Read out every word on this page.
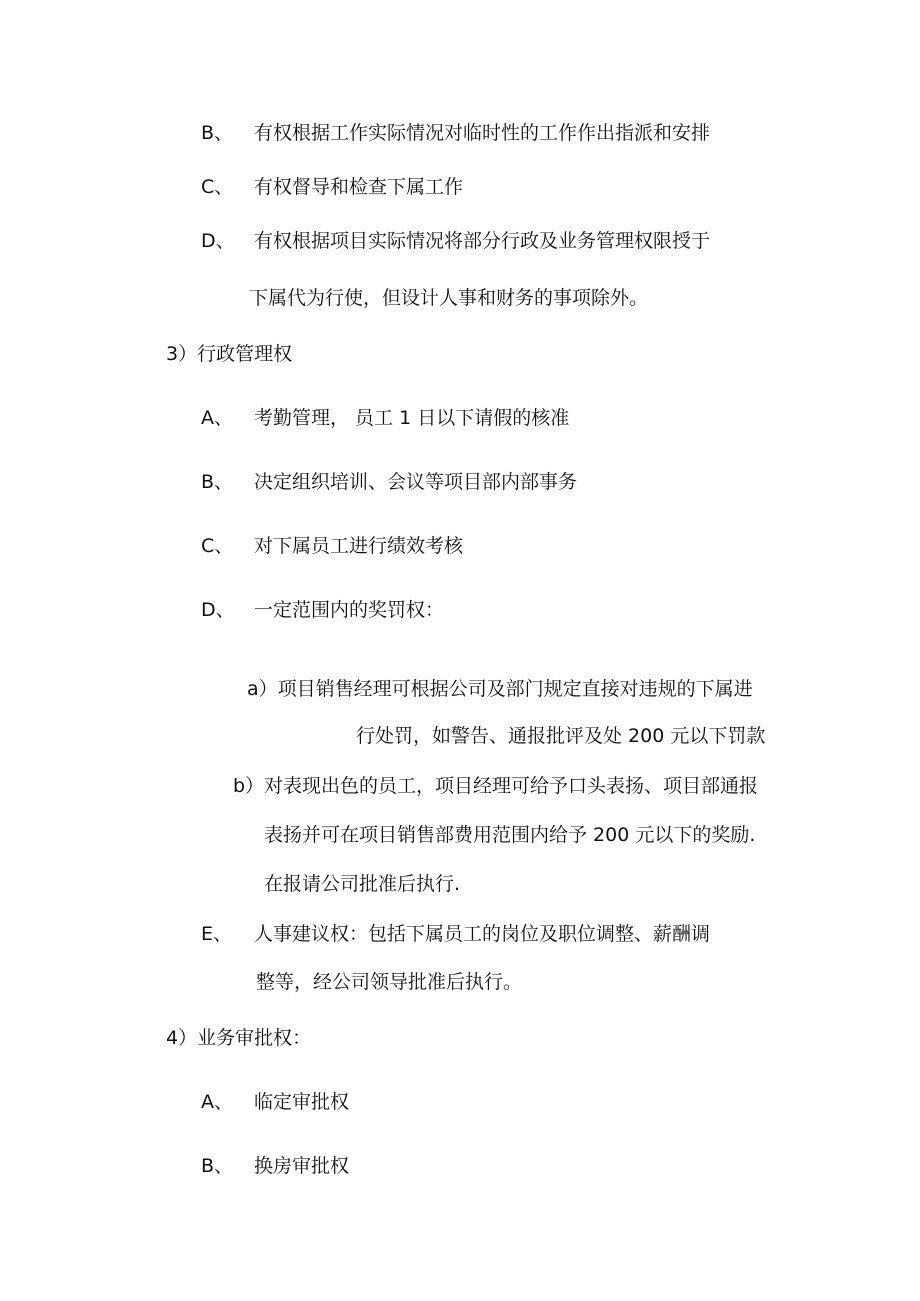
B、 有权根据工作实际情况对临时性的工作作出指派和安排
C、 有权督导和检查下属工作
D、 有权根据项目实际情况将部分行政及业务管理权限授于
下属代为行使，但设计人事和财务的事项除外。
3）行政管理权
A、 考勤管理， 员工 1 日以下请假的核准
B、 决定组织培训、会议等项目部内部事务
C、 对下属员工进行绩效考核
D、 一定范围内的奖罚权：
a）项目销售经理可根据公司及部门规定直接对违规的下属进
行处罚，如警告、通报批评及处 200 元以下罚款
b）对表现出色的员工，项目经理可给予口头表扬、项目部通报
表扬并可在项目销售部费用范围内给予 200 元以下的奖励.
在报请公司批准后执行.
E、 人事建议权：包括下属员工的岗位及职位调整、薪酬调
整等，经公司领导批准后执行。
4）业务审批权：
A、 临定审批权
B、 换房审批权
